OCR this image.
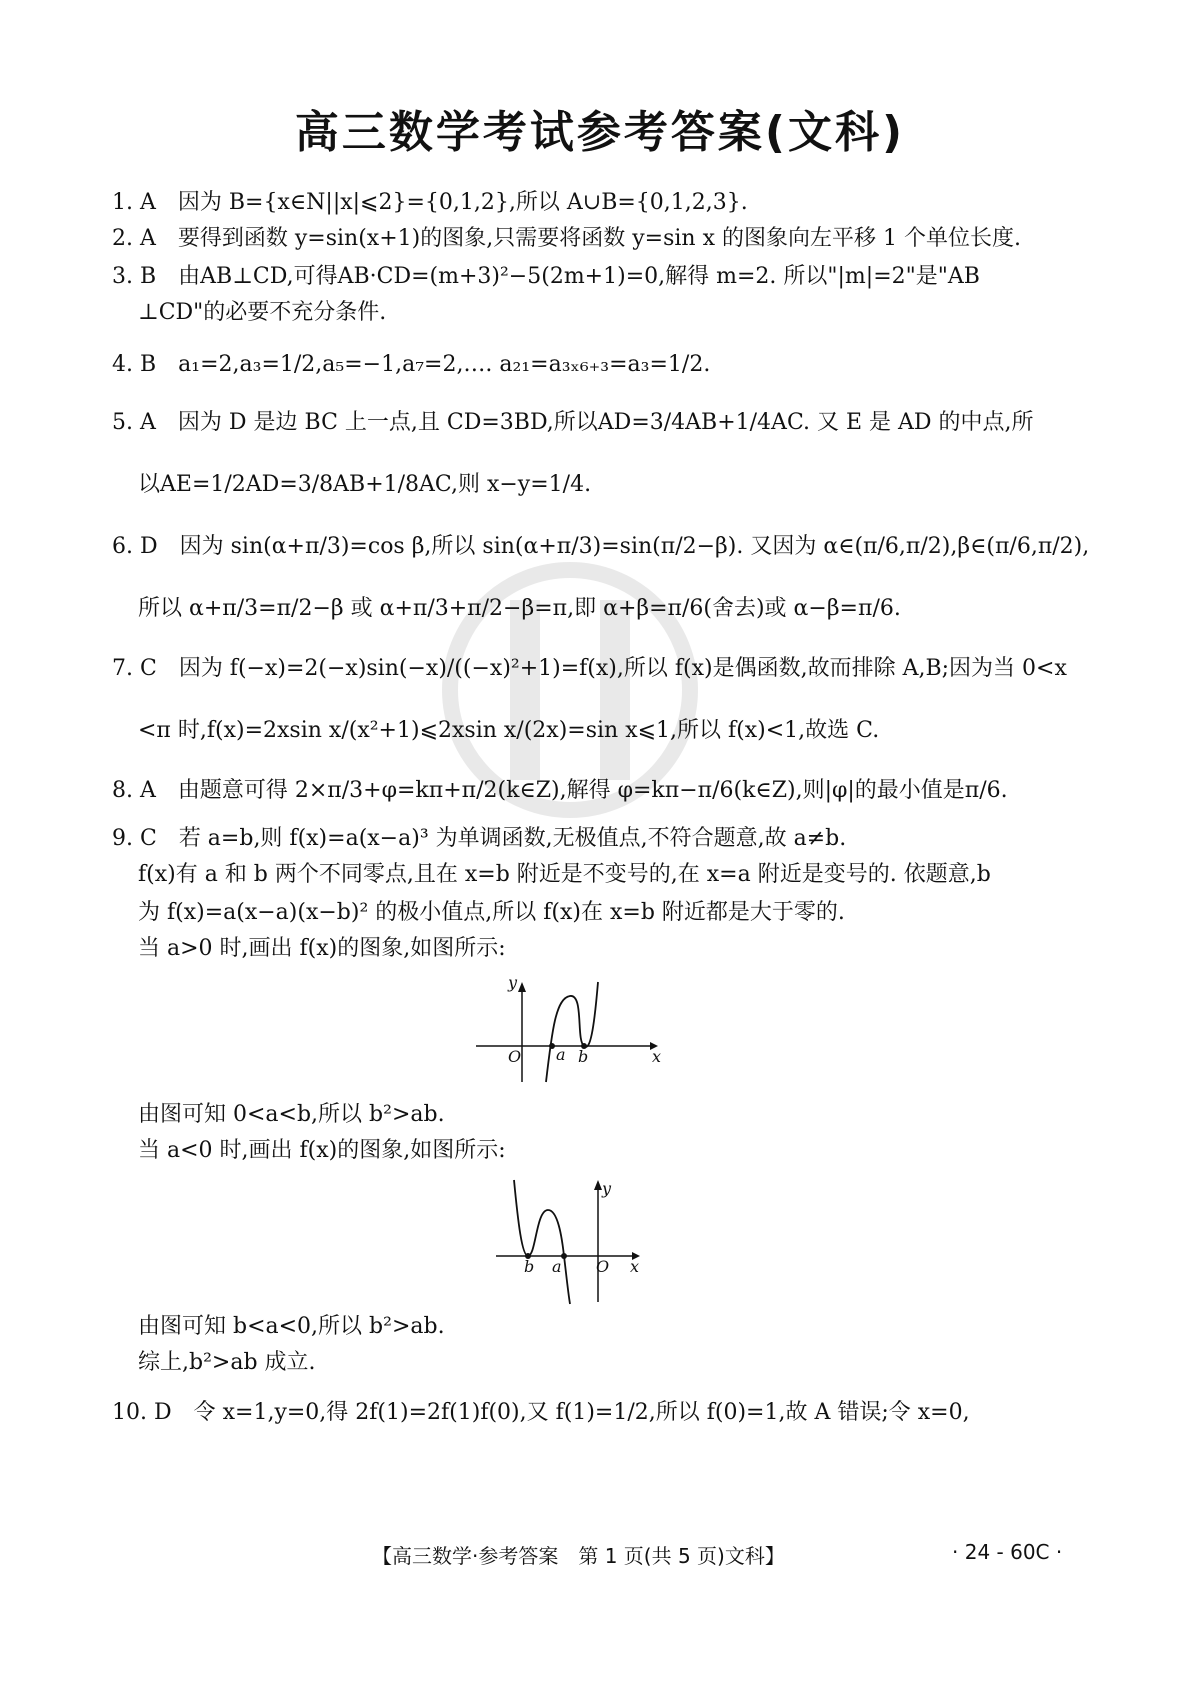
高三数学考试参考答案(文科)
1. A　因为 B={x∈N||x|⩽2}={0,1,2},所以 A∪B={0,1,2,3}.
2. A　要得到函数 y=sin(x+1)的图象,只需要将函数 y=sin x 的图象向左平移 1 个单位长度.
3. B　由AB⊥CD,可得AB·CD=(m+3)²−5(2m+1)=0,解得 m=2. 所以"|m|=2"是"AB
⊥CD"的必要不充分条件.
4. B　a₁=2,a₃=1/2,a₅=−1,a₇=2,…. a₂₁=a₃ₓ₆₊₃=a₃=1/2.
5. A　因为 D 是边 BC 上一点,且 CD=3BD,所以AD=3/4AB+1/4AC. 又 E 是 AD 的中点,所
以AE=1/2AD=3/8AB+1/8AC,则 x−y=1/4.
6. D　因为 sin(α+π/3)=cos β,所以 sin(α+π/3)=sin(π/2−β). 又因为 α∈(π/6,π/2),β∈(π/6,π/2),
所以 α+π/3=π/2−β 或 α+π/3+π/2−β=π,即 α+β=π/6(舍去)或 α−β=π/6.
7. C　因为 f(−x)=2(−x)sin(−x)/((−x)²+1)=f(x),所以 f(x)是偶函数,故而排除 A,B;因为当 0<x
<π 时,f(x)=2xsin x/(x²+1)⩽2xsin x/(2x)=sin x⩽1,所以 f(x)<1,故选 C.
8. A　由题意可得 2×π/3+φ=kπ+π/2(k∈Z),解得 φ=kπ−π/6(k∈Z),则|φ|的最小值是π/6.
9. C　若 a=b,则 f(x)=a(x−a)³ 为单调函数,无极值点,不符合题意,故 a≠b.
f(x)有 a 和 b 两个不同零点,且在 x=b 附近是不变号的,在 x=a 附近是变号的. 依题意,b
为 f(x)=a(x−a)(x−b)² 的极小值点,所以 f(x)在 x=b 附近都是大于零的.
当 a>0 时,画出 f(x)的图象,如图所示:
y
O a b	x
由图可知 0<a<b,所以 b²>ab.
当 a<0 时,画出 f(x)的图象,如图所示:
y
b a O x
由图可知 b<a<0,所以 b²>ab.
综上,b²>ab 成立.
10. D　令 x=1,y=0,得 2f(1)=2f(1)f(0),又 f(1)=1/2,所以 f(0)=1,故 A 错误;令 x=0,
【高三数学·参考答案　第 1 页(共 5 页)文科】	· 24 - 60C ·
